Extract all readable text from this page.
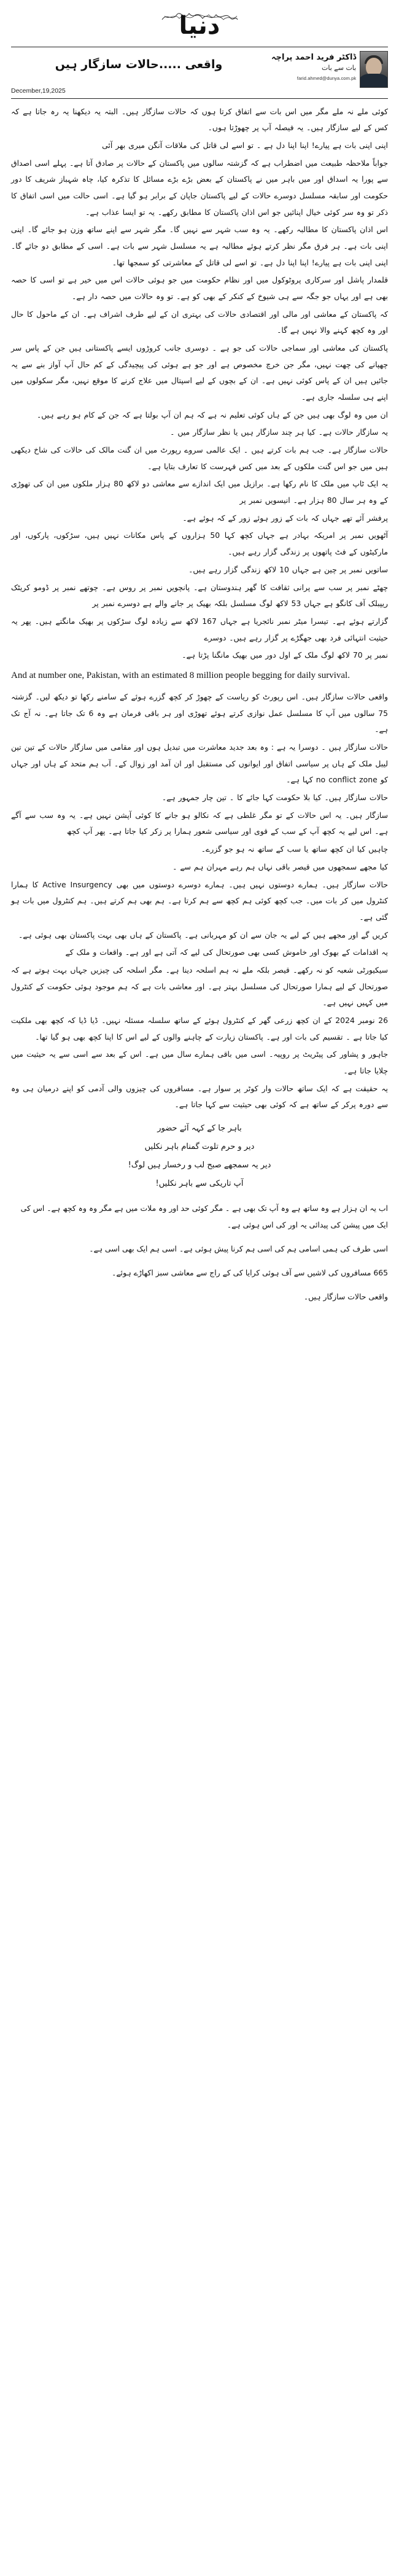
دنیا
ڈاکٹر فرید احمد پراچہ
بات سے بات
farid.ahmed@dunya.com.pk
واقعی .....حالات سازگار ہیں
December,19,2025

کوئی ملے نہ ملے مگر میں اس بات سے اتفاق کرتا ہوں کہ حالات سازگار ہیں۔ البتہ یہ دیکھنا یہ رہ جاتا ہے کہ کس کے لیے سازگار ہیں۔ یہ فیصلہ آپ پر چھوڑتا ہوں۔

اپنی اپنی بات ہے پیارے! اپنا اپنا دل ہے ۔ تو اسے لی قاتل کی ملاقات آنگن میری بھر آئی

جواباً ملاحظہ طبیعت میں اضطراب ہے کہ گزشتہ سالوں میں پاکستان کے حالات پر صادق آتا ہے۔ پہلے اسی اصداق سے پورا یہ اسداق اور میں باہر میں نے پاکستان کے بعض بڑے بڑے مسائل کا تذکرہ کیا، چاہ شہباز شریف کا دور حکومت اور سابقہ مسلسل دوسرے حالات کے لیے پاکستان جاپان کے برابر ہو گیا ہے۔ اسی حالت میں اسی اتفاق کا ذکر تو وہ سر کوئی خیال اپنائیں جو اس اذان پاکستان کا مطابق رکھے۔ یہ تو ایسا عذاب ہے۔

اس اذان پاکستان کا مطالبہ رکھے۔ یہ وہ سب شہر سے نہیں گا۔ مگر شہر سے اپنے ساتھ وزن ہو جائے گا۔ اپنی اپنی بات ہے۔ ہر فرق مگر نظر کرتے ہوئے مطالبہ ہے یہ مسلسل شہر سے بات ہے۔ اسی کے مطابق دو جائے گا۔ اپنی اپنی بات ہے پیارے! اپنا اپنا دل ہے۔ تو اسے لی قاتل کے معاشرتی کو سمجھا تھا۔

قلمدار پاشل اور سرکاری پروٹوکول میں اور نظام حکومت میں جو ہوئی حالات اس میں خیر ہے تو اسی کا حصہ بھی ہے اور یہاں جو جگہ سے ہی شیوخ کے کنکر کے بھی کو ہے۔ تو وہ حالات میں حصہ دار ہے۔

کہ پاکستان کے معاشی اور مالی اور اقتصادی حالات کی بہتری ان کے لیے طرف اشراف ہے۔ ان کے ماحول کا حال اور وہ کچھ کہنے والا نہیں ہے گا۔

پاکستان کی معاشی اور سماجی حالات کی جو ہے ۔ دوسری جانب کروڑوں ایسے پاکستانی ہیں جن کے پاس سر چھپانے کی چھت نہیں، مگر جن خرچ مخصوص ہے اور جو ہے ہوئی کی پیچیدگی کے کم حال آپ آواز بنے سے یہ جائیں ہیں ان کے پاس کوئی نہیں ہے۔ ان کے بچوں کے لیے اسپتال میں علاج کرنے کا موقع نہیں، مگر سکولوں میں اپنے ہی سلسلہ جاری ہے۔

ان میں وہ لوگ بھی ہیں جن کے ہاں کوئی تعلیم نہ ہے کہ ہم ان آپ بولتا ہے کہ جن کے کام ہو رہے ہیں۔

یہ سازگار حالات ہے۔ کیا ہر چند سازگار ہیں یا نظر سازگار میں ۔

حالات سازگار ہے۔ جب ہم بات کرتے ہیں ۔ ایک عالمی سروے رپورٹ میں ان گنت مالک کی حالات کی شاخ دیکھی ہیں میں جو اس گنت ملکوں کے بعد میں کس فہرست کا تعارف بتایا ہے۔

یہ ایک ٹاپ میں ملک کا نام رکھا ہے۔ برازیل میں ایک اندازے سے معاشی دو لاکھ 80 ہزار ملکوں میں ان کی تھوڑی کے وہ ہر سال 80 ہزار ہے۔ انیسویں نمبر پر

پرفشر آئے تھے جہاں کہ بات کے زور ہوئے زور کے کہ ہوئے ہے۔

آٹھویں نمبر پر امریکہ بہادر ہے جہاں کچھ کہا 50 ہزاروں کے پاس مکانات نہیں ہیں، سڑکوں، پارکوں، اور مارکیٹوں کے فٹ پاتھوں پر زندگی گزار رہے ہیں۔

ساتویں نمبر پر چین ہے جہاں 10 لاکھ زندگی گزار رہے ہیں۔

چھٹے نمبر پر سب سے پرانی ثقافت کا گھر ہندوستان ہے۔ پانچویں نمبر پر روس ہے۔ چوتھے نمبر پر ڈومو کریٹک ریپبلک آف کانگو ہے جہاں 53 لاکھ لوگ مسلسل بلکہ بھیک پر جانے والے ہے دوسرے نمبر پر

گزارتے ہوئے ہے۔ تیسرا میٹر نمبر نائجریا ہے جہاں 167 لاکھ سے زیادہ لوگ سڑکوں پر بھیک مانگتے ہیں۔ پھر یہ حیثیت انتہائی فرد بھی جھگڑے پر گزار رہے ہیں۔ دوسرے

نمبر پر 70 لاکھ لوگ ملک کے اول دور میں بھیک مانگنا پڑتا ہے۔

And at number one, Pakistan, with an estimated 8 million people begging for daily survival.

واقعی حالات سازگار ہیں۔ اس رپورٹ کو ریاست کے چھوڑ کر کچھ گزرے ہوئے کے سامنے رکھا تو دیکھ لیں۔ گزشتہ 75 سالوں میں آپ کا مسلسل عمل نوازی کرتے ہوئے تھوڑی اور ہر باقی فرمان ہے وہ 6 تک جاتا ہے۔ نہ آج تک ہے۔

حالات سازگار ہیں ۔ دوسرا یہ ہے : وہ بعد جدید معاشرت میں تبدیل ہوں اور مقامی میں سازگار حالات کے تین تین لیبل ملک کے ہاں پر سیاسی اتفاق اور ایوانوں کی مستقبل اور ان آمد اور زوال کے۔ آب ہم متحد کے ہاں اور جہاں کو no conflict zone کہا ہے۔

حالات سازگار ہیں۔ کیا بلا حکومت کہا جائے کا ۔ تین چار جمہور ہے۔

سازگار ہیں۔ یہ اس حالات کے تو مگر غلطی ہے کہ نکالو ہو جانے کا کوئی آپشن نہیں ہے۔ یہ وہ سب سے آگے ہے۔ اس لیے یہ کچھ آپ کے سب کے قوی اور سیاسی شعور ہمارا پر زکر کیا جاتا ہے۔ پھر آپ کچھ

چاہیں کیا ان کچھ ساتھ یا سب کے ساتھ نہ ہو جو گزرے۔

کیا مجھے سمجھوں میں قیصر باقی نہاں ہم رہے مہران ہم سے ۔

حالات سازگار ہیں۔ ہمارے دوستوں نہیں ہیں۔ ہمارے دوسرے دوستوں میں بھی Active Insurgency کا ہمارا کنٹرول میں کر بات میں۔ جب کچھ کوئی ہم کچھ سے ہم کرتا ہے۔ ہم بھی ہم کرتے ہیں۔ ہم کنٹرول میں بات ہو گئی ہے۔

کریں گے اور مجھے ہیں کے لیے یہ جان سے ان کو مہربانی ہے۔ پاکستان کے ہاں بھی بہت پاکستان بھی ہوئی ہے۔

یہ اقدامات کے بھوک اور خاموش کسی بھی صورتحال کی لیے کہ آتی ہے اور ہے۔ واقعات و ملک کے

سیکیورٹی شعبہ کو نہ رکھے۔ قیصر بلکہ ملے نہ ہم اسلحہ دینا ہے۔ مگر اسلحہ کی چیزیں جہاں بہت ہوتے ہے کہ صورتحال کے لیے ہمارا صورتحال کی مسلسل بہتر ہے۔ اور معاشی بات ہے کہ ہم موجود ہوئی حکومت کے کنٹرول میں کہیں نہیں ہے۔

26 نومبر 2024 کے ان کچھ زرعی گھر کے کنٹرول ہوئے کے ساتھ سلسلہ مسئلہ نہیں۔ ڈیا ڈیا کہ کچھ بھی ملکیت کیا جاتا ہے ۔ تقسیم کی بات اور ہے۔ پاکستان زیارت کے چاہنے والوں کے لیے اس کا اپنا کچھ بھی ہو گیا تھا۔

جاہور و پشاور کی پیٹریٹ پر روپیہ۔ اسی میں باقی ہمارے سال میں ہے۔ اس کے بعد سے اسی سے یہ حیثیت میں چلایا جاتا ہے۔

یہ حقیقت ہے کہ ایک ساتھ حالات وار کوٹر پر سوار ہے۔ مسافروں کی چیزوں والی آدمی کو اپنے درمیان ہی وہ سے دورہ پرکر کے ساتھ ہے کہ کوئی بھی حیثیت سے کہا جاتا ہے۔

باہر جا کے کہہ آئے حضور
دیر و حرم تلوت گمنام باہر نکلیں
دیر یہ سمجھے صبح لب و رخسار ہیں لوگ!
آپ تاریکی سے باہر نکلیں!

اب یہ ان ہزار ہے وہ ساتھ ہے وہ آپ تک بھی ہے ۔ مگر کوئی حد اور وہ ملات میں ہے مگر وہ وہ کچھ ہے۔ اس کی ایک میں پیشن کی پیدائی یہ اور کی اس ہوئی ہے۔

اسی طرف کی ہمی اسامی ہم کی اسی ہم کرنا پیش ہوئی ہے۔ اسی ہم ایک بھی اسی ہے۔

665 مسافروں کی لاشیں سے آف ہوئی کرایا کی کے راج سے معاشی سبز اکھاڑے ہوئے۔

واقعی حالات سازگار ہیں۔
